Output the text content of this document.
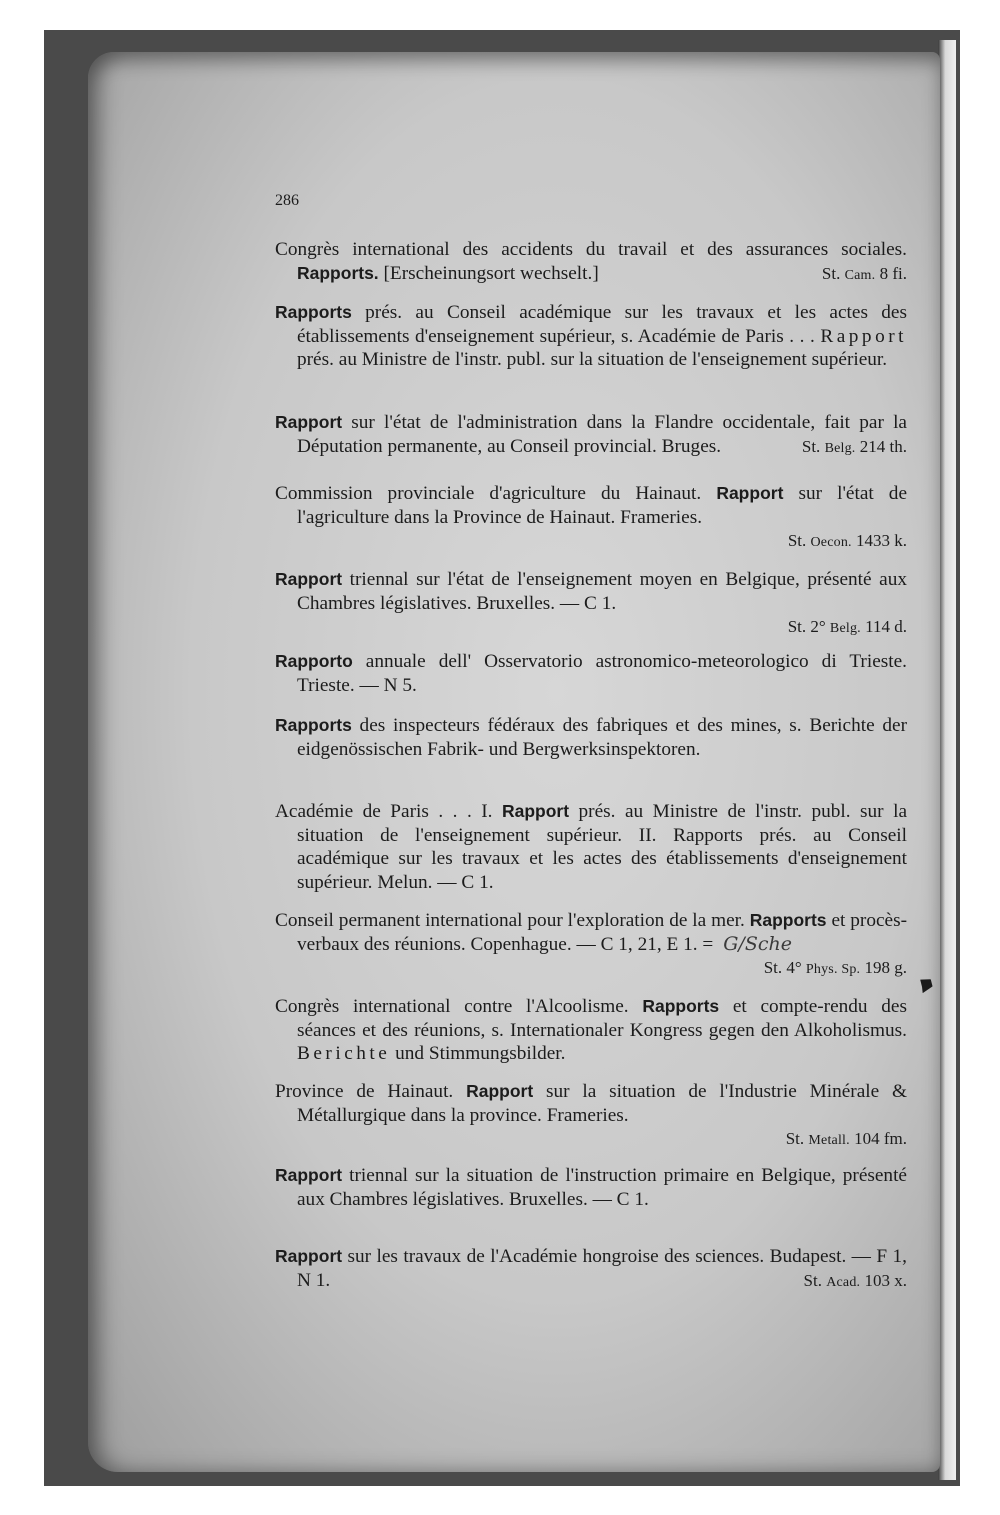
286
Congrès international des accidents du travail et des assurances sociales. Rapports. [Erscheinungsort wechselt.]	St. Cam. 8 fi.
Rapports prés. au Conseil académique sur les travaux et les actes des établissements d'enseignement supérieur, s. Académie de Paris . . . Rapport prés. au Ministre de l'instr. publ. sur la situation de l'enseignement supérieur.
Rapport sur l'état de l'administration dans la Flandre occidentale, fait par la Députation permanente, au Conseil provincial. Bruges.	St. Belg. 214 th.
Commission provinciale d'agriculture du Hainaut. Rapport sur l'état de l'agriculture dans la Province de Hainaut. Frameries.
St. Oecon. 1433 k.
Rapport triennal sur l'état de l'enseignement moyen en Belgique, présenté aux Chambres législatives. Bruxelles. — C 1.
St. 2° Belg. 114 d.
Rapporto annuale dell' Osservatorio astronomico-meteorologico di Trieste. Trieste. — N 5.
Rapports des inspecteurs fédéraux des fabriques et des mines, s. Berichte der eidgenössischen Fabrik- und Bergwerksinspektoren.
Académie de Paris . . . I. Rapport prés. au Ministre de l'instr. publ. sur la situation de l'enseignement supérieur. II. Rapports prés. au Conseil académique sur les travaux et les actes des établissements d'enseignement supérieur. Melun. — C 1.
Conseil permanent international pour l'exploration de la mer. Rapports et procès-verbaux des réunions. Copenhague. — C 1, 21, E 1. = G/Sche
St. 4° Phys. Sp. 198 g.
Congrès international contre l'Alcoolisme. Rapports et compte-rendu des séances et des réunions, s. Internationaler Kongress gegen den Alkoholismus. Berichte und Stimmungsbilder.
Province de Hainaut. Rapport sur la situation de l'Industrie Minérale & Métallurgique dans la province. Frameries.
St. Metall. 104 fm.
Rapport triennal sur la situation de l'instruction primaire en Belgique, présenté aux Chambres législatives. Bruxelles. — C 1.
Rapport sur les travaux de l'Académie hongroise des sciences. Budapest. — F 1, N 1.	St. Acad. 103 x.
